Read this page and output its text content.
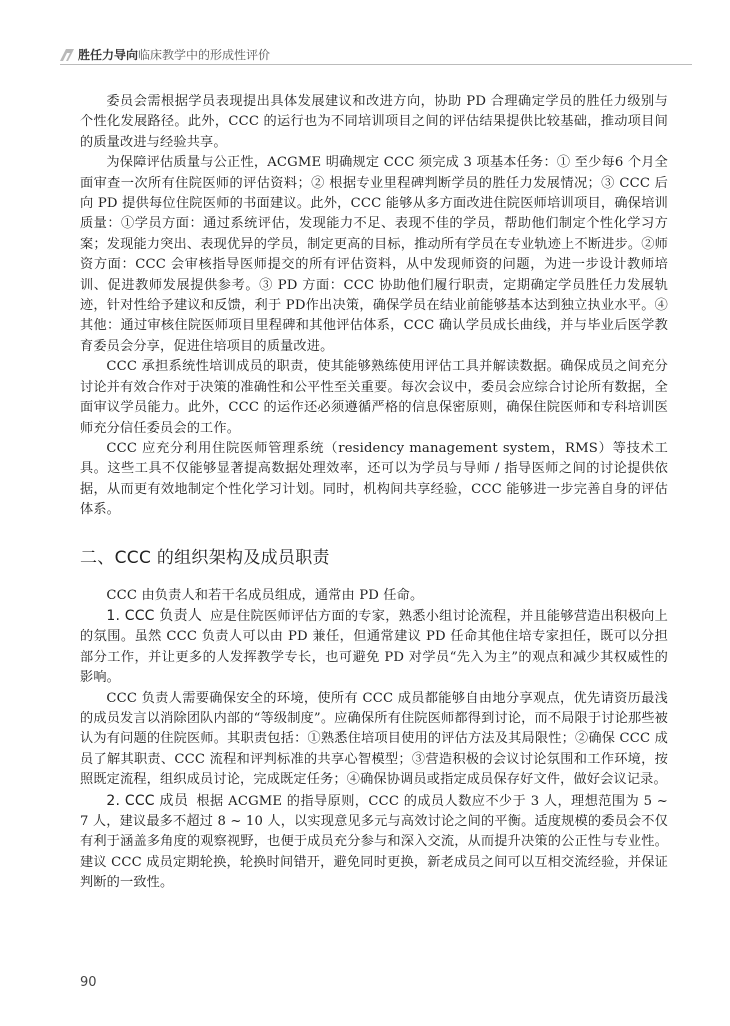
胜任力导向 临床教学中的形成性评价

委员会需根据学员表现提出具体发展建议和改进方向，协助 PD 合理确定学员的胜任力级别与个性化发展路径。此外，CCC 的运行也为不同培训项目之间的评估结果提供比较基础，推动项目间的质量改进与经验共享。

为保障评估质量与公正性，ACGME 明确规定 CCC 须完成 3 项基本任务：① 至少每6 个月全面审查一次所有住院医师的评估资料；② 根据专业里程碑判断学员的胜任力发展情况；③ CCC 后向 PD 提供每位住院医师的书面建议。此外，CCC 能够从多方面改进住院医师培训项目，确保培训质量：①学员方面：通过系统评估，发现能力不足、表现不佳的学员，帮助他们制定个性化学习方案；发现能力突出、表现优异的学员，制定更高的目标，推动所有学员在专业轨迹上不断进步。②师资方面：CCC 会审核指导医师提交的所有评估资料，从中发现师资的问题，为进一步设计教师培训、促进教师发展提供参考。③ PD 方面：CCC 协助他们履行职责，定期确定学员胜任力发展轨迹，针对性给予建议和反馈，利于 PD作出决策，确保学员在结业前能够基本达到独立执业水平。④其他：通过审核住院医师项目里程碑和其他评估体系，CCC 确认学员成长曲线，并与毕业后医学教育委员会分享，促进住培项目的质量改进。

CCC 承担系统性培训成员的职责，使其能够熟练使用评估工具并解读数据。确保成员之间充分讨论并有效合作对于决策的准确性和公平性至关重要。每次会议中，委员会应综合讨论所有数据，全面审议学员能力。此外，CCC 的运作还必须遵循严格的信息保密原则，确保住院医师和专科培训医师充分信任委员会的工作。

CCC 应充分利用住院医师管理系统（residency management system，RMS）等技术工具。这些工具不仅能够显著提高数据处理效率，还可以为学员与导师 / 指导医师之间的讨论提供依据，从而更有效地制定个性化学习计划。同时，机构间共享经验，CCC 能够进一步完善自身的评估体系。

二、CCC 的组织架构及成员职责

CCC 由负责人和若干名成员组成，通常由 PD 任命。

1. CCC 负责人 应是住院医师评估方面的专家，熟悉小组讨论流程，并且能够营造出积极向上的氛围。虽然 CCC 负责人可以由 PD 兼任，但通常建议 PD 任命其他住培专家担任，既可以分担部分工作，并让更多的人发挥教学专长，也可避免 PD 对学员“先入为主”的观点和减少其权威性的影响。

CCC 负责人需要确保安全的环境，使所有 CCC 成员都能够自由地分享观点，优先请资历最浅的成员发言以消除团队内部的“等级制度”。应确保所有住院医师都得到讨论，而不局限于讨论那些被认为有问题的住院医师。其职责包括：①熟悉住培项目使用的评估方法及其局限性；②确保 CCC 成员了解其职责、CCC 流程和评判标准的共享心智模型；③营造积极的会议讨论氛围和工作环境，按照既定流程，组织成员讨论，完成既定任务；④确保协调员或指定成员保存好文件，做好会议记录。

2. CCC 成员 根据 ACGME 的指导原则，CCC 的成员人数应不少于 3 人，理想范围为 5 ~ 7 人，建议最多不超过 8 ~ 10 人，以实现意见多元与高效讨论之间的平衡。适度规模的委员会不仅有利于涵盖多角度的观察视野，也便于成员充分参与和深入交流，从而提升决策的公正性与专业性。建议 CCC 成员定期轮换，轮换时间错开，避免同时更换，新老成员之间可以互相交流经验，并保证判断的一致性。

90
